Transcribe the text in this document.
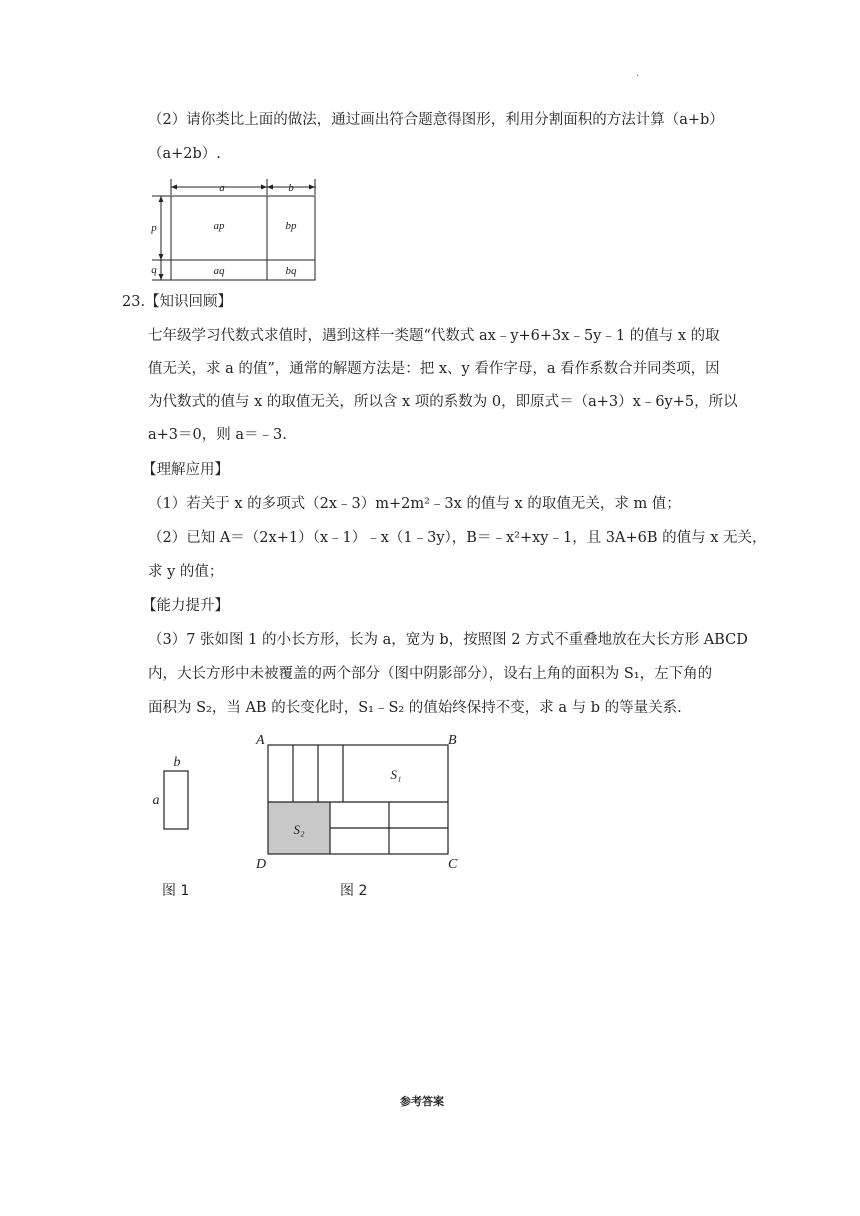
.
（2）请你类比上面的做法，通过画出符合题意得图形，利用分割面积的方法计算（a+b）
（a+2b）.
a	b
p
q
ap	bp
aq	bq
23.【知识回顾】
七年级学习代数式求值时，遇到这样一类题“代数式 ax﹣y+6+3x﹣5y﹣1 的值与 x 的取
值无关，求 a 的值”，通常的解题方法是：把 x、y 看作字母，a 看作系数合并同类项，因
为代数式的值与 x 的取值无关，所以含 x 项的系数为 0，即原式＝（a+3）x﹣6y+5，所以
a+3＝0，则 a＝﹣3.
【理解应用】
（1）若关于 x 的多项式（2x﹣3）m+2m²﹣3x 的值与 x 的取值无关，求 m 值；
（2）已知 A＝（2x+1）（x﹣1）﹣x（1﹣3y），B＝﹣x²+xy﹣1，且 3A+6B 的值与 x 无关，
求 y 的值；
【能力提升】
（3）7 张如图 1 的小长方形，长为 a，宽为 b，按照图 2 方式不重叠地放在大长方形 ABCD
内，大长方形中未被覆盖的两个部分（图中阴影部分），设右上角的面积为 S₁，左下角的
面积为 S₂，当 AB 的长变化时，S₁﹣S₂ 的值始终保持不变，求 a 与 b 的等量关系.
b
a
A	B
D	C
S₁
S₂
图 1	图 2
参考答案
